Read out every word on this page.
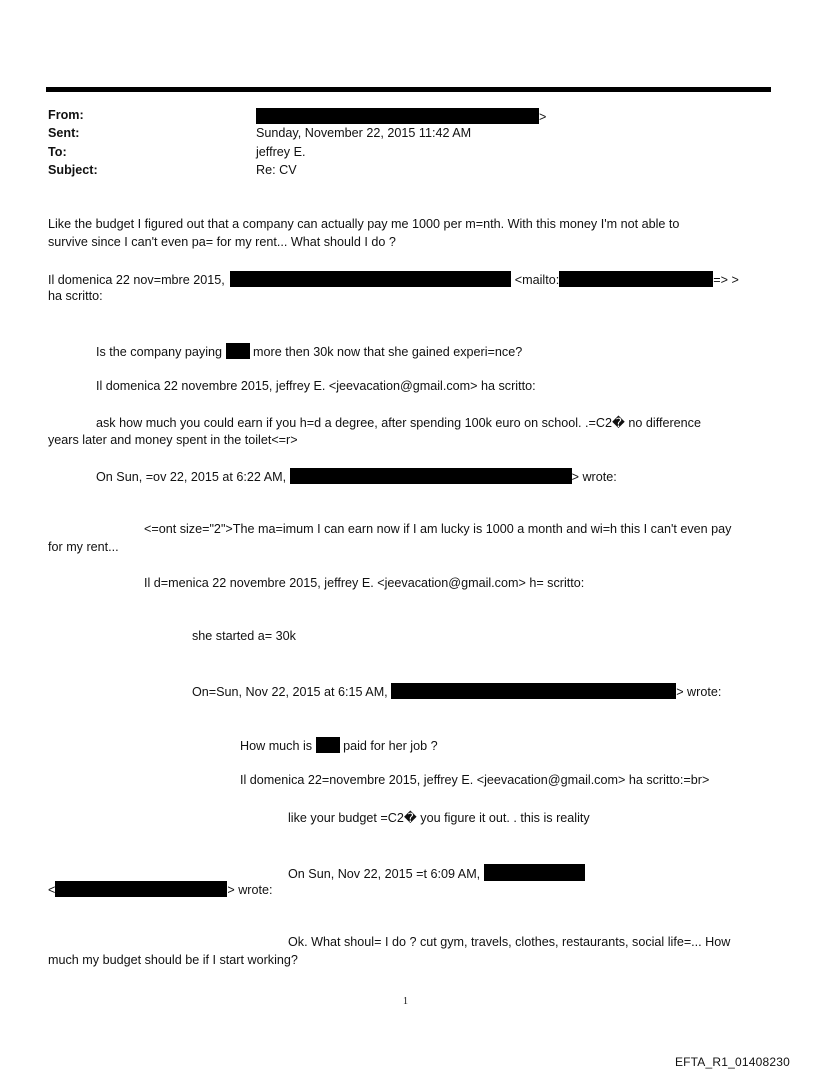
From:	>
Sent:	Sunday, November 22, 2015 11:42 AM
To:	jeffrey E.
Subject:	Re: CV
Like the budget I figured out that a company can actually pay me 1000 per m=nth. With this money I'm not able to
survive since I can't even pa= for my rent... What should I do ?
Il domenica 22 nov=mbre 2015,	<mailto:	=> >
ha scritto:
Is the company paying more then 30k now that she gained experi=nce?
Il domenica 22 novembre 2015, jeffrey E. <jeevacation@gmail.com> ha scritto:
ask how much you could earn if you h=d a degree, after spending 100k euro on school. .=C2� no difference
years later and money spent in the toilet<=r>
On Sun, =ov 22, 2015 at 6:22 AM,	> wrote:
<=ont size="2">The ma=imum I can earn now if I am lucky is 1000 a month and wi=h this I can't even pay
for my rent...
Il d=menica 22 novembre 2015, jeffrey E. <jeevacation@gmail.com> h= scritto:
she started a= 30k
On=Sun, Nov 22, 2015 at 6:15 AM,	> wrote:
How much is paid for her job ?
Il domenica 22=novembre 2015, jeffrey E. <jeevacation@gmail.com> ha scritto:=br>
like your budget =C2� you figure it out. . this is reality
On Sun, Nov 22, 2015 =t 6:09 AM,
<	> wrote:
Ok. What shoul= I do ? cut gym, travels, clothes, restaurants, social life=... How
much my budget should be if I start working?
1
EFTA_R1_01408230
